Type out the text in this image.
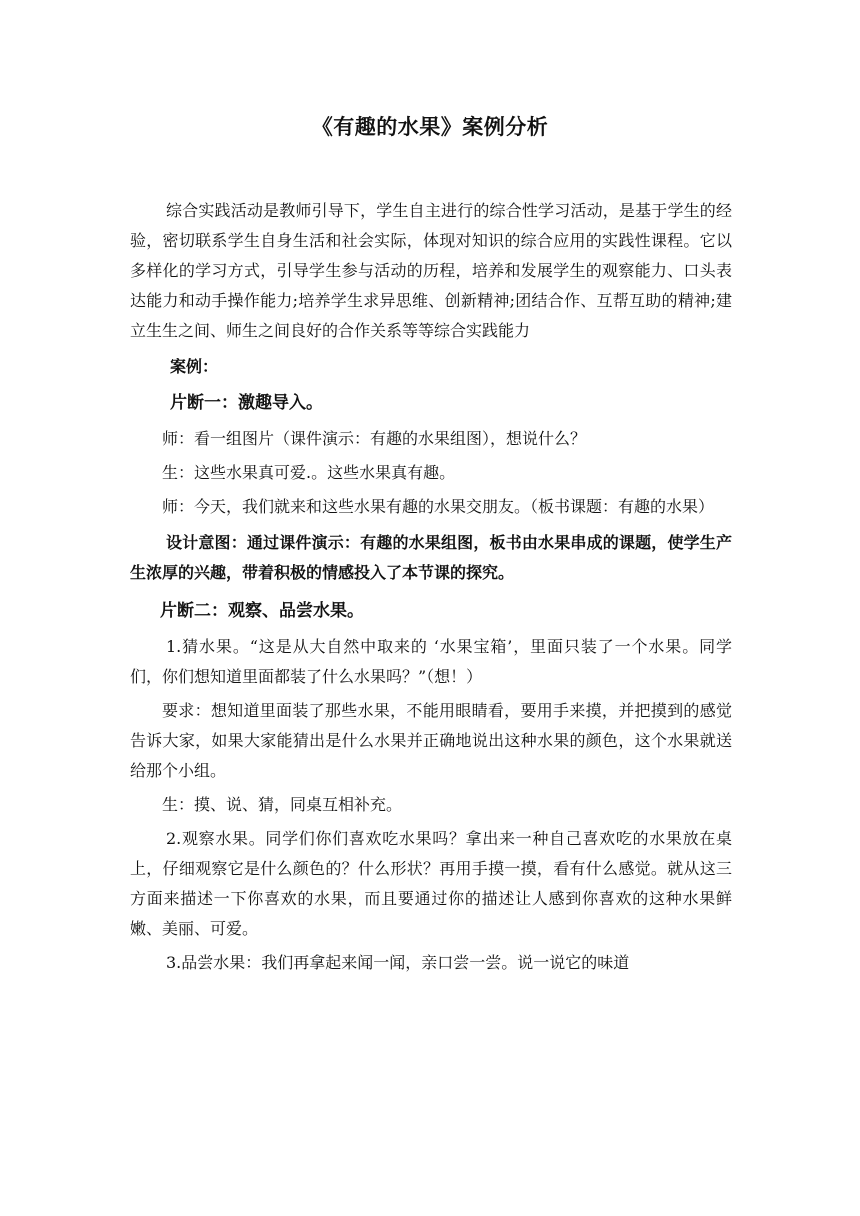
《有趣的水果》案例分析

综合实践活动是教师引导下，学生自主进行的综合性学习活动，是基于学生的经验，密切联系学生自身生活和社会实际，体现对知识的综合应用的实践性课程。它以多样化的学习方式，引导学生参与活动的历程，培养和发展学生的观察能力、口头表达能力和动手操作能力;培养学生求异思维、创新精神;团结合作、互帮互助的精神;建立生生之间、师生之间良好的合作关系等等综合实践能力

案例：

片断一：激趣导入。

师：看一组图片（课件演示：有趣的水果组图），想说什么？

生：这些水果真可爱.。这些水果真有趣。

师：今天，我们就来和这些水果有趣的水果交朋友。（板书课题：有趣的水果）

设计意图：通过课件演示：有趣的水果组图，板书由水果串成的课题，使学生产生浓厚的兴趣，带着积极的情感投入了本节课的探究。

片断二：观察、品尝水果。

1.猜水果。“这是从大自然中取来的 ‘水果宝箱’，里面只装了一个水果。同学们，你们想知道里面都装了什么水果吗？”（想！）

要求：想知道里面装了那些水果，不能用眼睛看，要用手来摸，并把摸到的感觉告诉大家，如果大家能猜出是什么水果并正确地说出这种水果的颜色，这个水果就送给那个小组。

生：摸、说、猜，同桌互相补充。

2.观察水果。同学们你们喜欢吃水果吗？拿出来一种自己喜欢吃的水果放在桌上，仔细观察它是什么颜色的？什么形状？再用手摸一摸，看有什么感觉。就从这三方面来描述一下你喜欢的水果，而且要通过你的描述让人感到你喜欢的这种水果鲜嫩、美丽、可爱。

3.品尝水果：我们再拿起来闻一闻，亲口尝一尝。说一说它的味道
